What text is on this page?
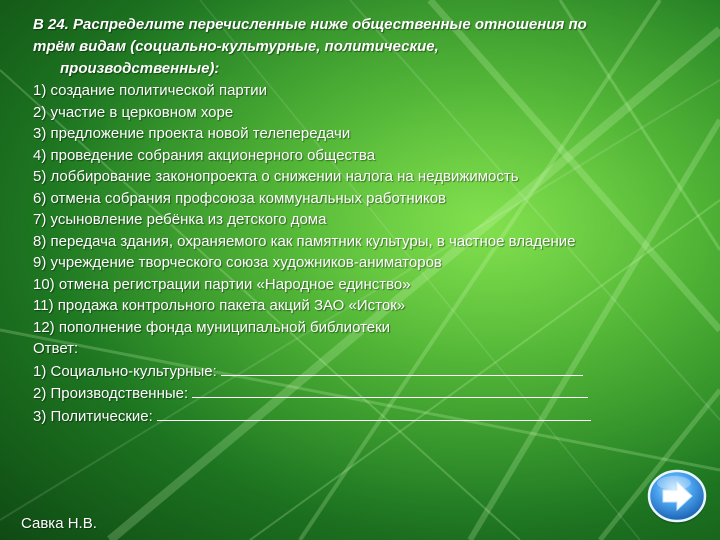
В 24. Распределите перечисленные ниже общественные отношения по
трём видам (социально-культурные, политические,
производственные):
1) создание политической партии
2) участие в церковном хоре
3) предложение проекта новой телепередачи
4) проведение собрания акционерного общества
5) лоббирование законопроекта о снижении налога на недвижимость
6) отмена собрания профсоюза коммунальных работников
7) усыновление ребёнка из детского дома
8) передача здания, охраняемого как памятник культуры, в частное владение
9) учреждение творческого союза художников-аниматоров
10) отмена регистрации партии «Народное единство»
11) продажа контрольного пакета акций ЗАО «Исток»
12) пополнение фонда муниципальной библиотеки
Ответ:
1) Социально-культурные:
2) Производственные:
3) Политические:
Савка Н.В.
